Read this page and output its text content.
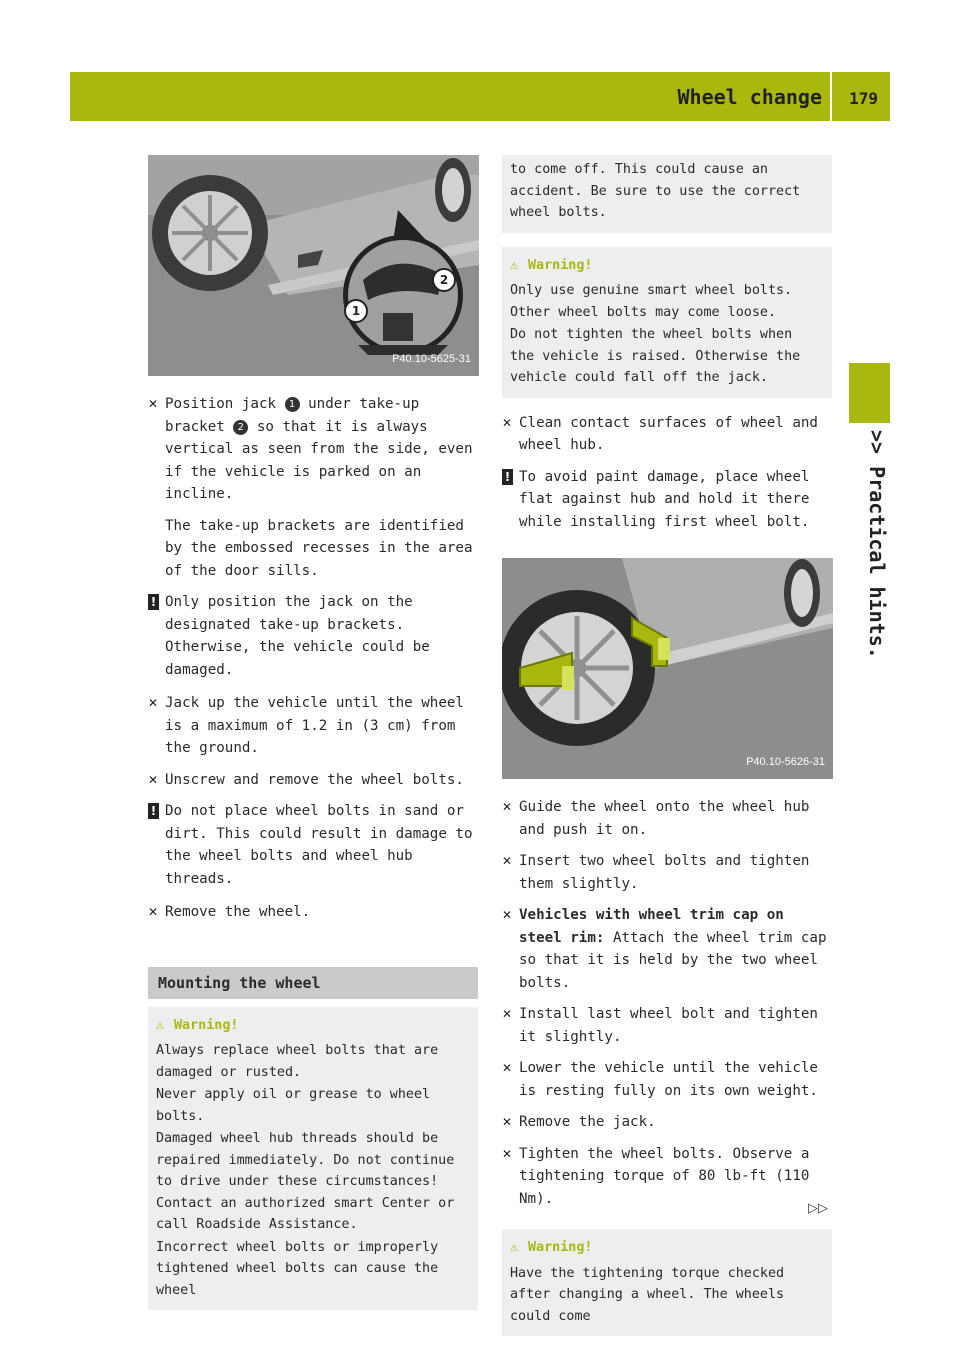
Wheel change 179
>> Practical hints.
2
1
P40.10-5625-31
✕ Position jack 1 under take-up bracket 2 so that it is always vertical as seen from the side, even if the vehicle is parked on an incline.

The take-up brackets are identified by the embossed recesses in the area of the door sills.

! Only position the jack on the designated take-up brackets. Otherwise, the vehicle could be damaged.
✕ Jack up the vehicle until the wheel is a maximum of 1.2 in (3 cm) from the ground.
✕ Unscrew and remove the wheel bolts.
! Do not place wheel bolts in sand or dirt. This could result in damage to the wheel bolts and wheel hub threads.
✕ Remove the wheel.
Mounting the wheel
⚠ Warning!

Always replace wheel bolts that are damaged or rusted.

Never apply oil or grease to wheel bolts.

Damaged wheel hub threads should be repaired immediately. Do not continue to drive under these circumstances! Contact an authorized smart Center or call Roadside Assistance.

Incorrect wheel bolts or improperly tightened wheel bolts can cause the wheel

to come off. This could cause an accident. Be sure to use the correct wheel bolts.

⚠ Warning!

Only use genuine smart wheel bolts. Other wheel bolts may come loose.

Do not tighten the wheel bolts when the vehicle is raised. Otherwise the vehicle could fall off the jack.

✕ Clean contact surfaces of wheel and wheel hub.
! To avoid paint damage, place wheel flat against hub and hold it there while installing first wheel bolt.
P40.10-5626-31
✕ Guide the wheel onto the wheel hub and push it on.
✕ Insert two wheel bolts and tighten them slightly.
✕ Vehicles with wheel trim cap on steel rim: Attach the wheel trim cap so that it is held by the two wheel bolts.
✕ Install last wheel bolt and tighten it slightly.
✕ Lower the vehicle until the vehicle is resting fully on its own weight.
✕ Remove the jack.
✕ Tighten the wheel bolts. Observe a tightening torque of 80 lb-ft (110 Nm).
⚠ Warning!

Have the tightening torque checked after changing a wheel. The wheels could come

▷▷
